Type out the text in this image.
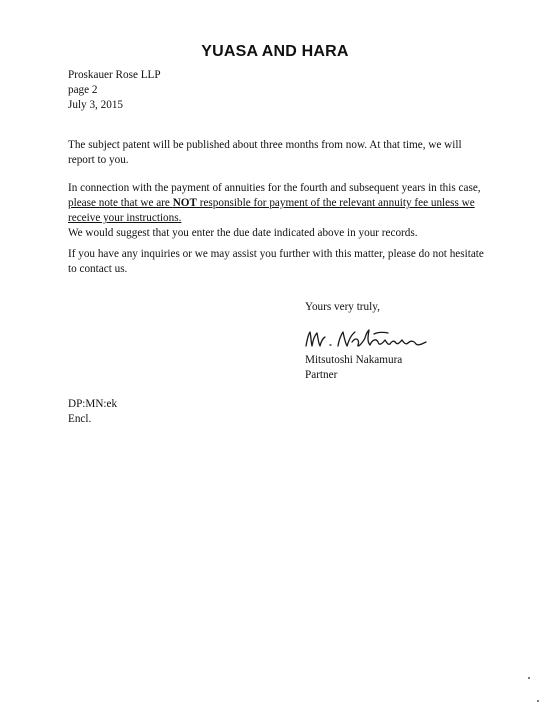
YUASA AND HARA
Proskauer Rose LLP
page 2
July 3, 2015
The subject patent will be published about three months from now. At that time, we will
report to you.
In connection with the payment of annuities for the fourth and subsequent years in this case,
please note that we are NOT responsible for payment of the relevant annuity fee unless we
receive your instructions.
We would suggest that you enter the due date indicated above in your records.
If you have any inquiries or we may assist you further with this matter, please do not hesitate
to contact us.
Yours very truly,
Mitsutoshi Nakamura
Partner
DP:MN:ek
Encl.
